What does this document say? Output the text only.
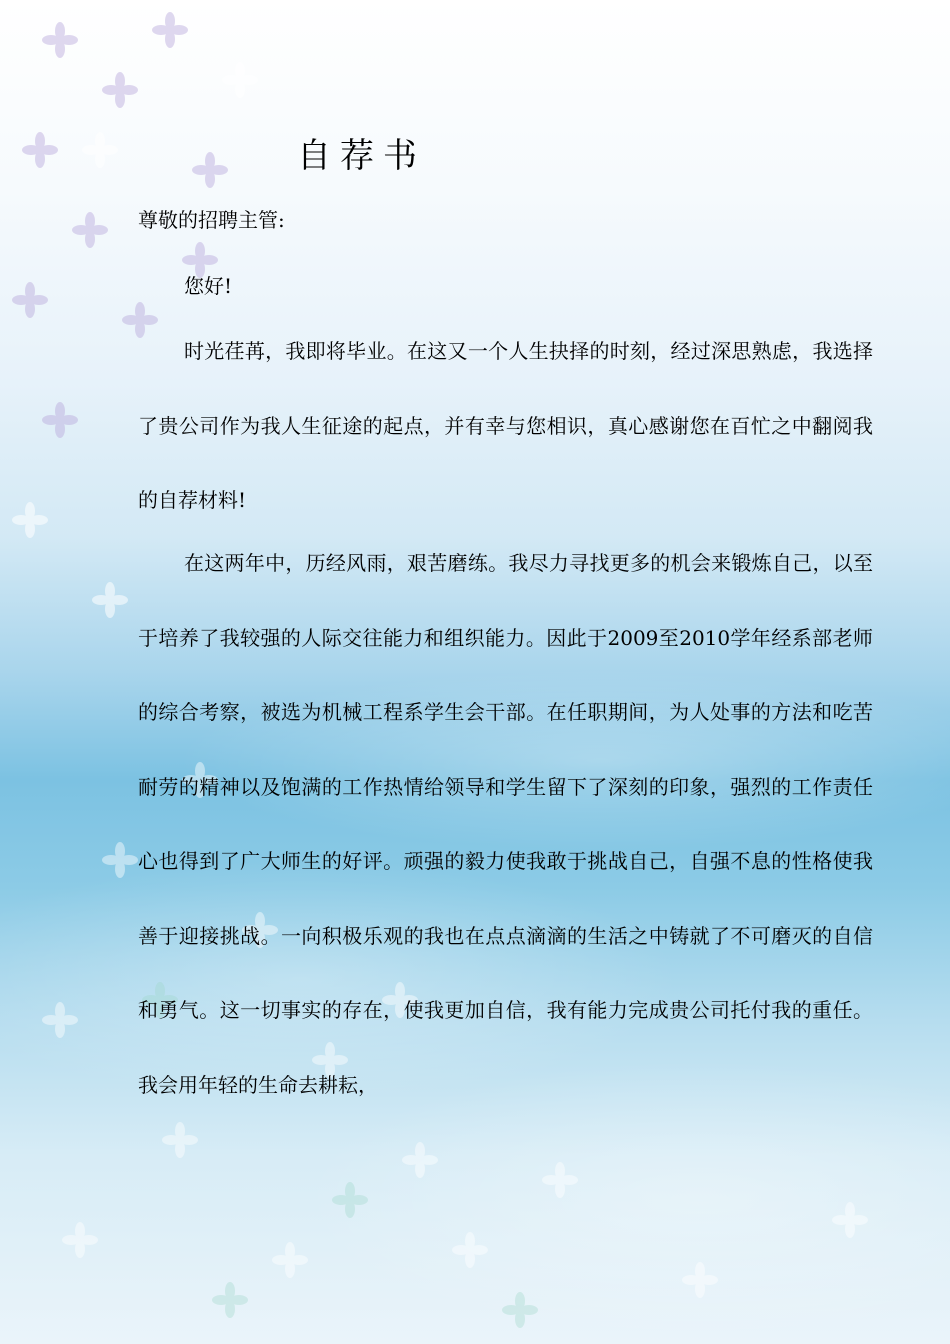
自荐书

尊敬的招聘主管:

您好!

时光荏苒，我即将毕业。在这又一个人生抉择的时刻，经过深思熟虑，我选择了贵公司作为我人生征途的起点，并有幸与您相识，真心感谢您在百忙之中翻阅我的自荐材料!

在这两年中，历经风雨，艰苦磨练。我尽力寻找更多的机会来锻炼自己，以至于培养了我较强的人际交往能力和组织能力。因此于2009至2010学年经系部老师的综合考察，被选为机械工程系学生会干部。在任职期间，为人处事的方法和吃苦耐劳的精神以及饱满的工作热情给领导和学生留下了深刻的印象，强烈的工作责任心也得到了广大师生的好评。顽强的毅力使我敢于挑战自己，自强不息的性格使我善于迎接挑战。一向积极乐观的我也在点点滴滴的生活之中铸就了不可磨灭的自信和勇气。这一切事实的存在，使我更加自信，我有能力完成贵公司托付我的重任。我会用年轻的生命去耕耘，
